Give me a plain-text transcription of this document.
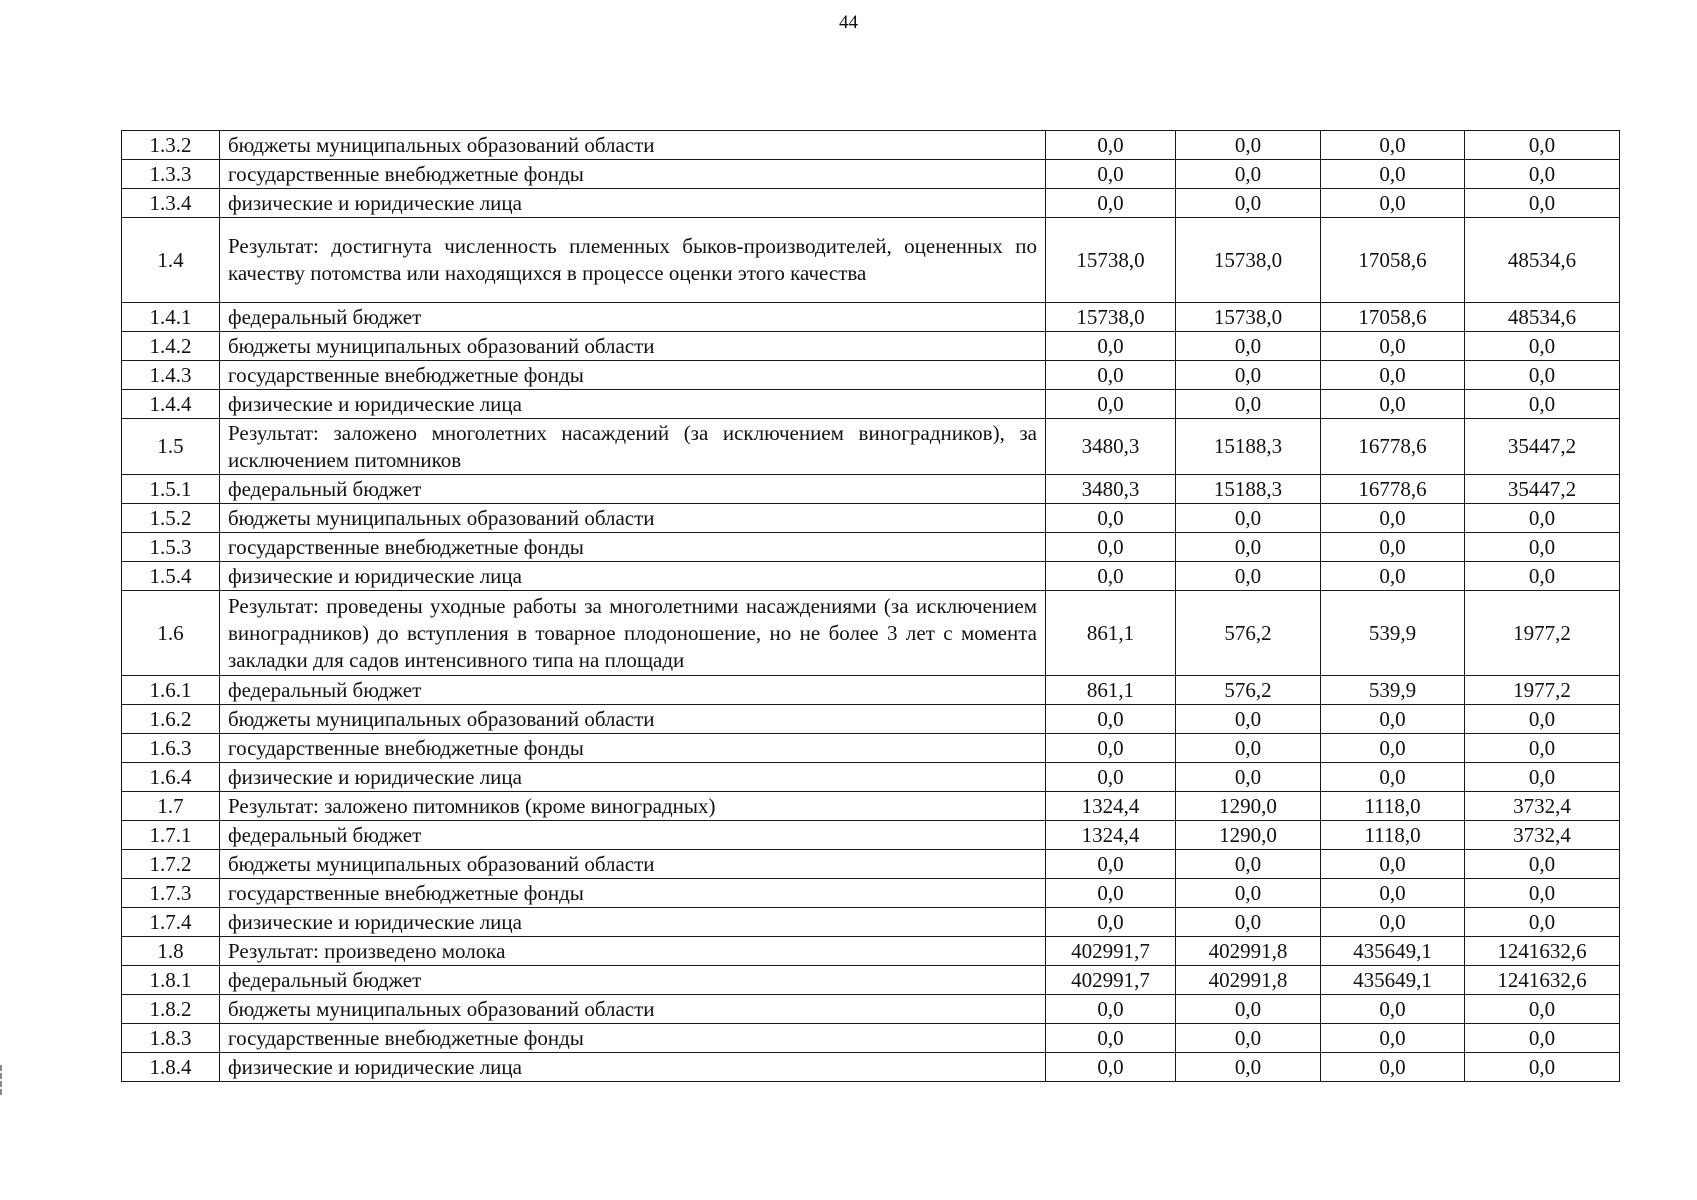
44
1.3.2	бюджеты муниципальных образований области	0,0	0,0	0,0	0,0
1.3.3	государственные внебюджетные фонды	0,0	0,0	0,0	0,0
1.3.4	физические и юридические лица	0,0	0,0	0,0	0,0
1.4	Результат: достигнута численность племенных быков-производителей, оцененных по качеству потомства или находящихся в процессе оценки этого качества	15738,0	15738,0	17058,6	48534,6
1.4.1	федеральный бюджет	15738,0	15738,0	17058,6	48534,6
1.4.2	бюджеты муниципальных образований области	0,0	0,0	0,0	0,0
1.4.3	государственные внебюджетные фонды	0,0	0,0	0,0	0,0
1.4.4	физические и юридические лица	0,0	0,0	0,0	0,0
1.5	Результат: заложено многолетних насаждений (за исключением виноградников), за исключением питомников	3480,3	15188,3	16778,6	35447,2
1.5.1	федеральный бюджет	3480,3	15188,3	16778,6	35447,2
1.5.2	бюджеты муниципальных образований области	0,0	0,0	0,0	0,0
1.5.3	государственные внебюджетные фонды	0,0	0,0	0,0	0,0
1.5.4	физические и юридические лица	0,0	0,0	0,0	0,0
1.6	Результат: проведены уходные работы за многолетними насаждениями (за исключением виноградников) до вступления в товарное плодоношение, но не более 3 лет с момента закладки для садов интенсивного типа на площади	861,1	576,2	539,9	1977,2
1.6.1	федеральный бюджет	861,1	576,2	539,9	1977,2
1.6.2	бюджеты муниципальных образований области	0,0	0,0	0,0	0,0
1.6.3	государственные внебюджетные фонды	0,0	0,0	0,0	0,0
1.6.4	физические и юридические лица	0,0	0,0	0,0	0,0
1.7	Результат: заложено питомников (кроме виноградных)	1324,4	1290,0	1118,0	3732,4
1.7.1	федеральный бюджет	1324,4	1290,0	1118,0	3732,4
1.7.2	бюджеты муниципальных образований области	0,0	0,0	0,0	0,0
1.7.3	государственные внебюджетные фонды	0,0	0,0	0,0	0,0
1.7.4	физические и юридические лица	0,0	0,0	0,0	0,0
1.8	Результат: произведено молока	402991,7	402991,8	435649,1	1241632,6
1.8.1	федеральный бюджет	402991,7	402991,8	435649,1	1241632,6
1.8.2	бюджеты муниципальных образований области	0,0	0,0	0,0	0,0
1.8.3	государственные внебюджетные фонды	0,0	0,0	0,0	0,0
1.8.4	физические и юридические лица	0,0	0,0	0,0	0,0
